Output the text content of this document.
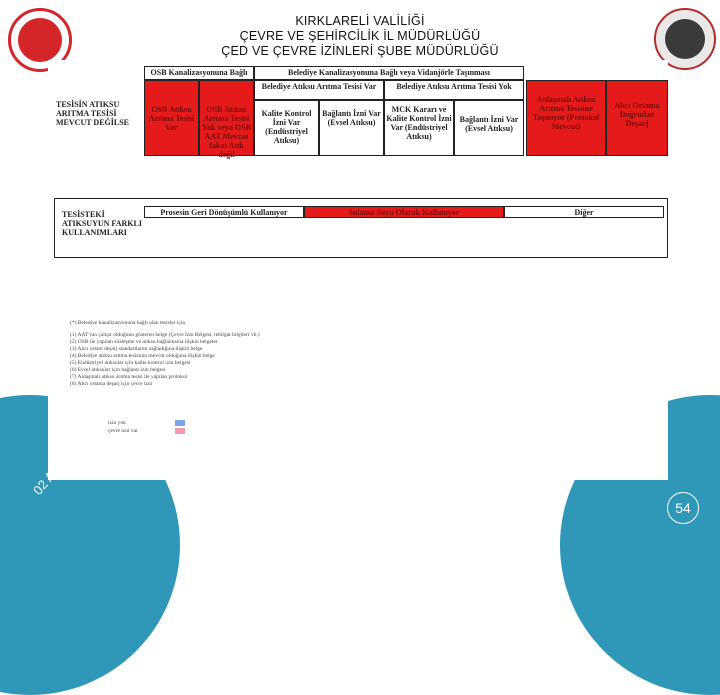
KIRKLARELİ VALİLİĞİ
ÇEVRE VE ŞEHİRCİLİK İL MÜDÜRLÜĞÜ
ÇED VE ÇEVRE İZİNLERİ ŞUBE MÜDÜRLÜĞÜ
OSB Kanalizasyonuna Bağlı	Belediye Kanalizasyonuna Bağlı veya Vidanjörle Taşınması
TESİSİN ATIKSU ARITMA TESİSİ MEVCUT DEĞİLSE
OSB Atıksu Arıtma Tesisi Var
OSB Atıksu Arıtma Tesisi Yok veya OSB AAT Mevcut fakat Atık değil
Belediye Atıksu Arıtma Tesisi Var	Belediye Atıksu Arıtma Tesisi Yok
Kalite Kontrol İzni Var (Endüstriyel Atıksu)
Bağlantı İzni Var (Evsel Atıksu)
MCK Kararı ve Kalite Kontrol İzni Var (Endüstriyel Atıksu)
Bağlantı İzni Var (Evsel Atıksu)
Anlaşmalı Atıksu Arıtma Tesisine Taşınıyor (Protokol Mevcut)
Alıcı Ortama Doğrudan Deşarj
TESİSTEKİ ATIKSUYUN FARKLI KULLANIMLARI
Prosesin Geri Dönüşümlü Kullanıyor	Sulama Suyu Olarak Kullanıyor	Diğer
(*) Belediye kanalizasyonuna bağlı olan tesisler için
(1) AAT’nin çalışır olduğunu gösteren belge (Çevre İzin Belgesi, tebligat bilgileri vb.)
(2) OSB ile yapılan sözleşme ve atıksu bağlantısına ilişkin belgeler
(3) Alıcı ortam deşarj standartlarını sağladığına ilişkin belge
(4) Belediye atıksu arıtma tesisinin mevcut olduğuna ilişkin belge
(5) Endüstriyel atıksular için kalite kontrol izin belgesi
(6) Evsel atıksular için bağlantı izin belgesi
(7) Anlaşmalı atıksu arıtma tesisi ile yapılan protokol
(8) Alıcı ortama deşarj için çevre izni
izin yok
çevre izni var
54
02 Aralık
